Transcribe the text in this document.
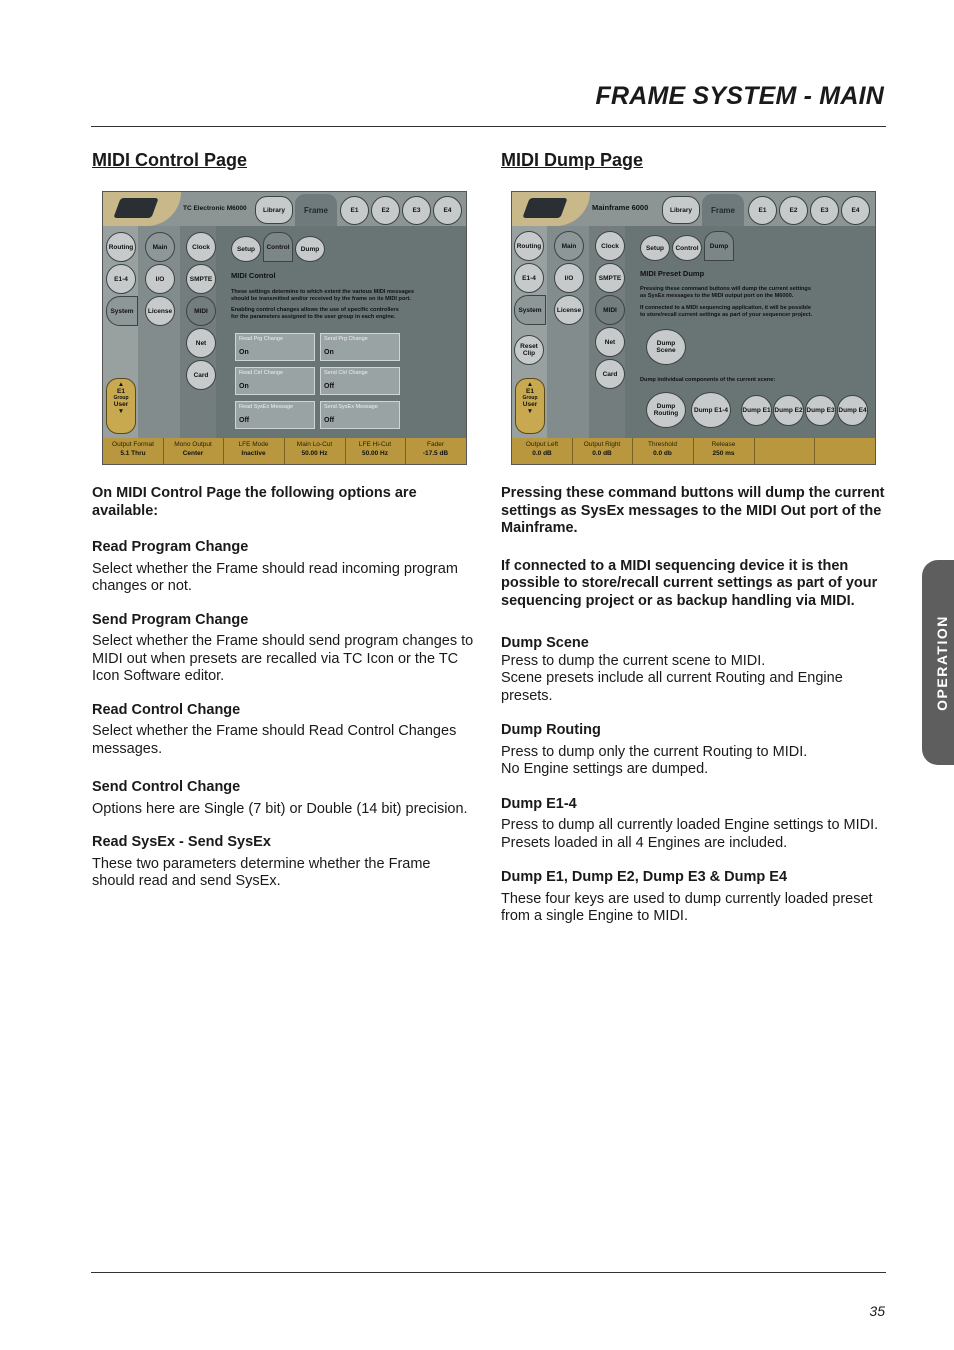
FRAME SYSTEM - MAIN
MIDI Control Page	MIDI Dump Page
TC Electronic M6000	Library	Frame	E1	E2	E3	E4
Routing
E1-4
System
Main
I/O
License
Clock
SMPTE
MIDI
Net
Card
Setup	Control	Dump
MIDI Control
These settings determine to which extent the various MIDI messages
should be transmitted and/or received by the frame on its MIDI port.
Enabling control changes allows the use of specific controllers
for the parameters assigned to the user group in each engine.
Read Prg Change
On
Send Prg Change
On
Read Ctrl Change
On
Send Ctrl Change
Off
Read SysEx Message
Off
Send SysEx Message
Off
▲
E1
Group
User
▼
Output Format
5.1 Thru
Mono Output
Center
LFE Mode
Inactive
Main Lo-Cut
50.00 Hz
LFE Hi-Cut
50.00 Hz
Fader
-17.5 dB
Mainframe 6000	Library	Frame	E1	E2	E3	E4
Routing
E1-4
System
Reset Clip
Main
I/O
License
Clock
SMPTE
MIDI
Net
Card
Setup	Control	Dump
MIDI Preset Dump
Pressing these command buttons will dump the current settings
as SysEx messages to the MIDI output port on the M6000.
If connected to a MIDI sequencing application, it will be possible
to store/recall current settings as part of your sequencer project.
Dump Scene
Dump individual components of the current scene:
Dump Routing	Dump E1-4	Dump E1 Dump E2 Dump E3 Dump E4
▲
E1
Group
User
▼
Output Left
0.0 dB
Output Right
0.0 dB
Threshold
0.0 db
Release
250 ms

On MIDI Control Page the following options are available:

Read Program Change

Select whether the Frame should read incoming program changes or not.

Send Program Change

Select whether the Frame should send program changes to MIDI out when presets are recalled via TC Icon or the TC Icon Software editor.

Read Control Change

Select whether the Frame should Read Control Changes messages.

Send Control Change

Options here are Single (7 bit) or Double (14 bit) precision.

Read SysEx - Send SysEx

These two parameters determine whether the Frame should read and send SysEx.

Pressing these command buttons will dump the current settings as SysEx messages to the MIDI Out port of the Mainframe.

If connected to a MIDI sequencing device it is then possible to store/recall current settings as part of your sequencing project or as backup handling via MIDI.

Dump Scene

Press to dump the current scene to MIDI.
Scene presets include all current Routing and Engine presets.

Dump Routing

Press to dump only the current Routing to MIDI.
No Engine settings are dumped.

Dump E1-4

Press to dump all currently loaded Engine settings to MIDI.
Presets loaded in all 4 Engines are included.

Dump E1, Dump E2, Dump E3 & Dump E4

These four keys are used to dump currently loaded preset from a single Engine to MIDI.

OPERATION
35
